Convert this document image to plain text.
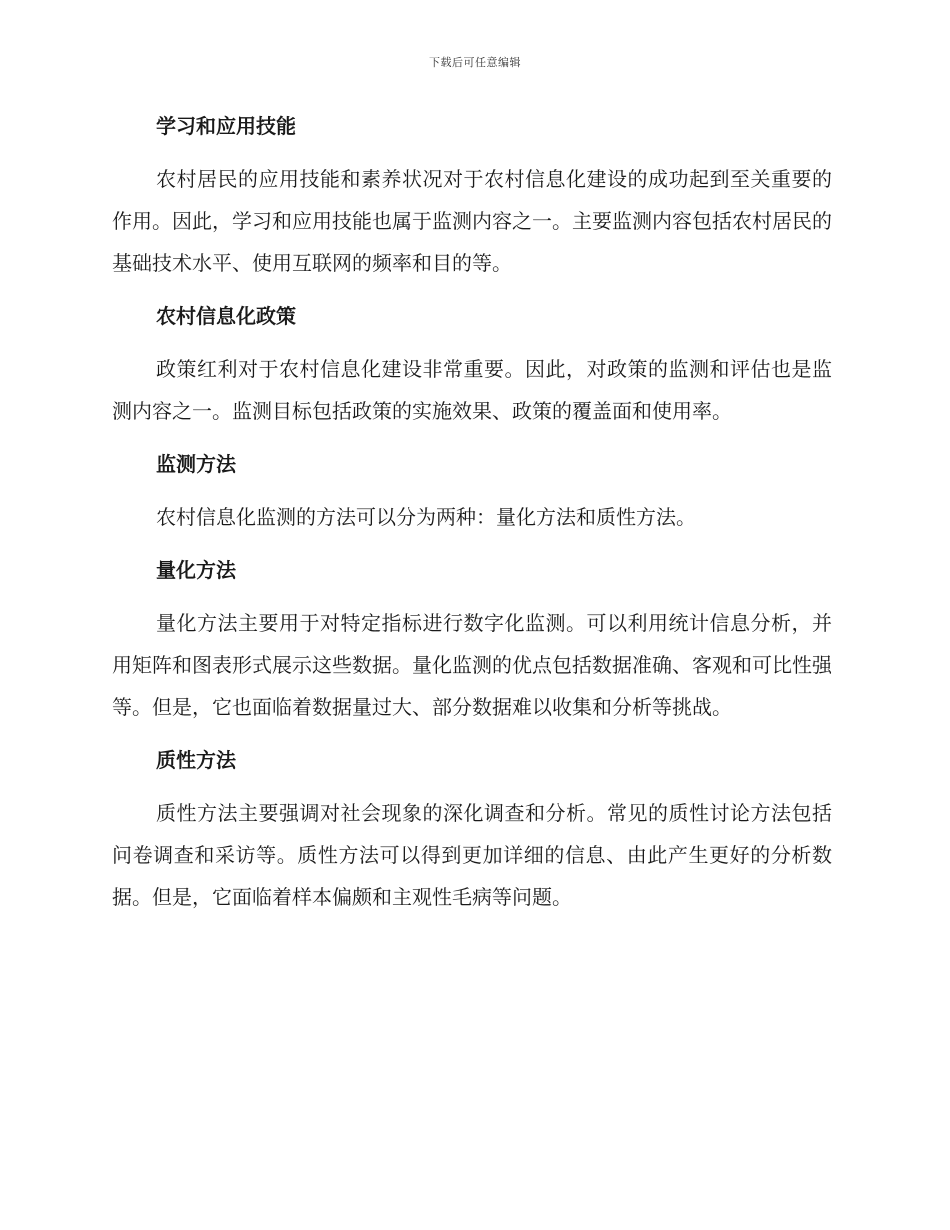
下载后可任意编辑
学习和应用技能

农村居民的应用技能和素养状况对于农村信息化建设的成功起到至关重要的作用。因此，学习和应用技能也属于监测内容之一。主要监测内容包括农村居民的基础技术水平、使用互联网的频率和目的等。

农村信息化政策

政策红利对于农村信息化建设非常重要。因此，对政策的监测和评估也是监测内容之一。监测目标包括政策的实施效果、政策的覆盖面和使用率。

监测方法

农村信息化监测的方法可以分为两种：量化方法和质性方法。

量化方法

量化方法主要用于对特定指标进行数字化监测。可以利用统计信息分析，并用矩阵和图表形式展示这些数据。量化监测的优点包括数据准确、客观和可比性强等。但是，它也面临着数据量过大、部分数据难以收集和分析等挑战。

质性方法

质性方法主要强调对社会现象的深化调查和分析。常见的质性讨论方法包括问卷调查和采访等。质性方法可以得到更加详细的信息、由此产生更好的分析数据。但是，它面临着样本偏颇和主观性毛病等问题。
